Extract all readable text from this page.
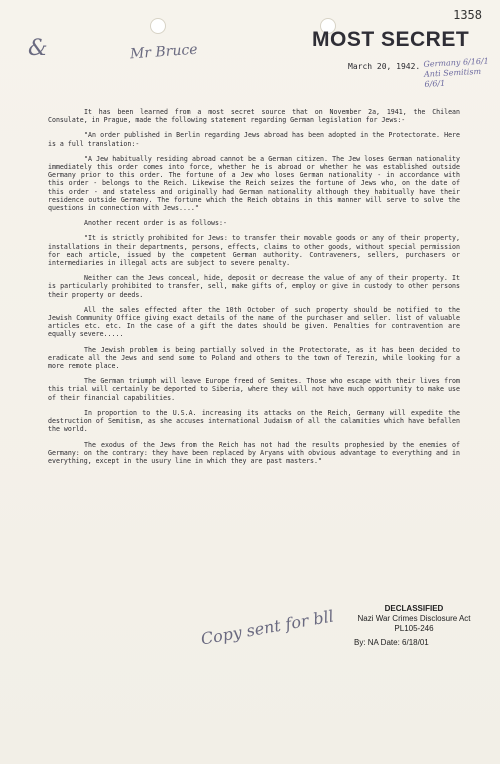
1358
MOST SECRET
March 20, 1942.
&	Mr Bruce
Germany 6/16/1 Anti Semitism 6/6/1

It has been learned from a most secret source that on November 2a, 1941, the Chilean Consulate, in Prague, made the following statement regarding German legislation for Jews:-

"An order published in Berlin regarding Jews abroad has been adopted in the Protectorate. Here is a full translation:-

"A Jew habitually residing abroad cannot be a German citizen. The Jew loses German nationality immediately this order comes into force, whether he is abroad or whether he was established outside Germany prior to this order. The fortune of a Jew who loses German nationality - in accordance with this order - belongs to the Reich. Likewise the Reich seizes the fortune of Jews who, on the date of this order - and stateless and originally had German nationality although they habitually have their residence outside Germany. The fortune which the Reich obtains in this manner will serve to solve the questions in connection with Jews...."

Another recent order is as follows:-

"It is strictly prohibited for Jews: to transfer their movable goods or any of their property, installations in their departments, persons, effects, claims to other goods, without special permission for each article, issued by the competent German authority. Contraveners, sellers, purchasers or intermediaries in illegal acts are subject to severe penalty.

Neither can the Jews conceal, hide, deposit or decrease the value of any of their property. It is particularly prohibited to transfer, sell, make gifts of, employ or give in custody to other persons their property or deeds.

All the sales effected after the 10th October of such property should be notified to the Jewish Community Office giving exact details of the name of the purchaser and seller. list of valuable articles etc. etc. In the case of a gift the dates should be given. Penalties for contravention are equally severe.....

The Jewish problem is being partially solved in the Protectorate, as it has been decided to eradicate all the Jews and send some to Poland and others to the town of Terezin, while looking for a more remote place.

The German triumph will leave Europe freed of Semites. Those who escape with their lives from this trial will certainly be deported to Siberia, where they will not have much opportunity to make use of their financial capabilities.

In proportion to the U.S.A. increasing its attacks on the Reich, Germany will expedite the destruction of Semitism, as she accuses international Judaism of all the calamities which have befallen the world.

The exodus of the Jews from the Reich has not had the results prophesied by the enemies of Germany: on the contrary: they have been replaced by Aryans with obvious advantage to everything and in everything, except in the usury line in which they are past masters."

Copy sent for bll	DECLASSIFIED
Nazi War Crimes Disclosure Act
PL105-246
By: NA Date: 6/18/01
